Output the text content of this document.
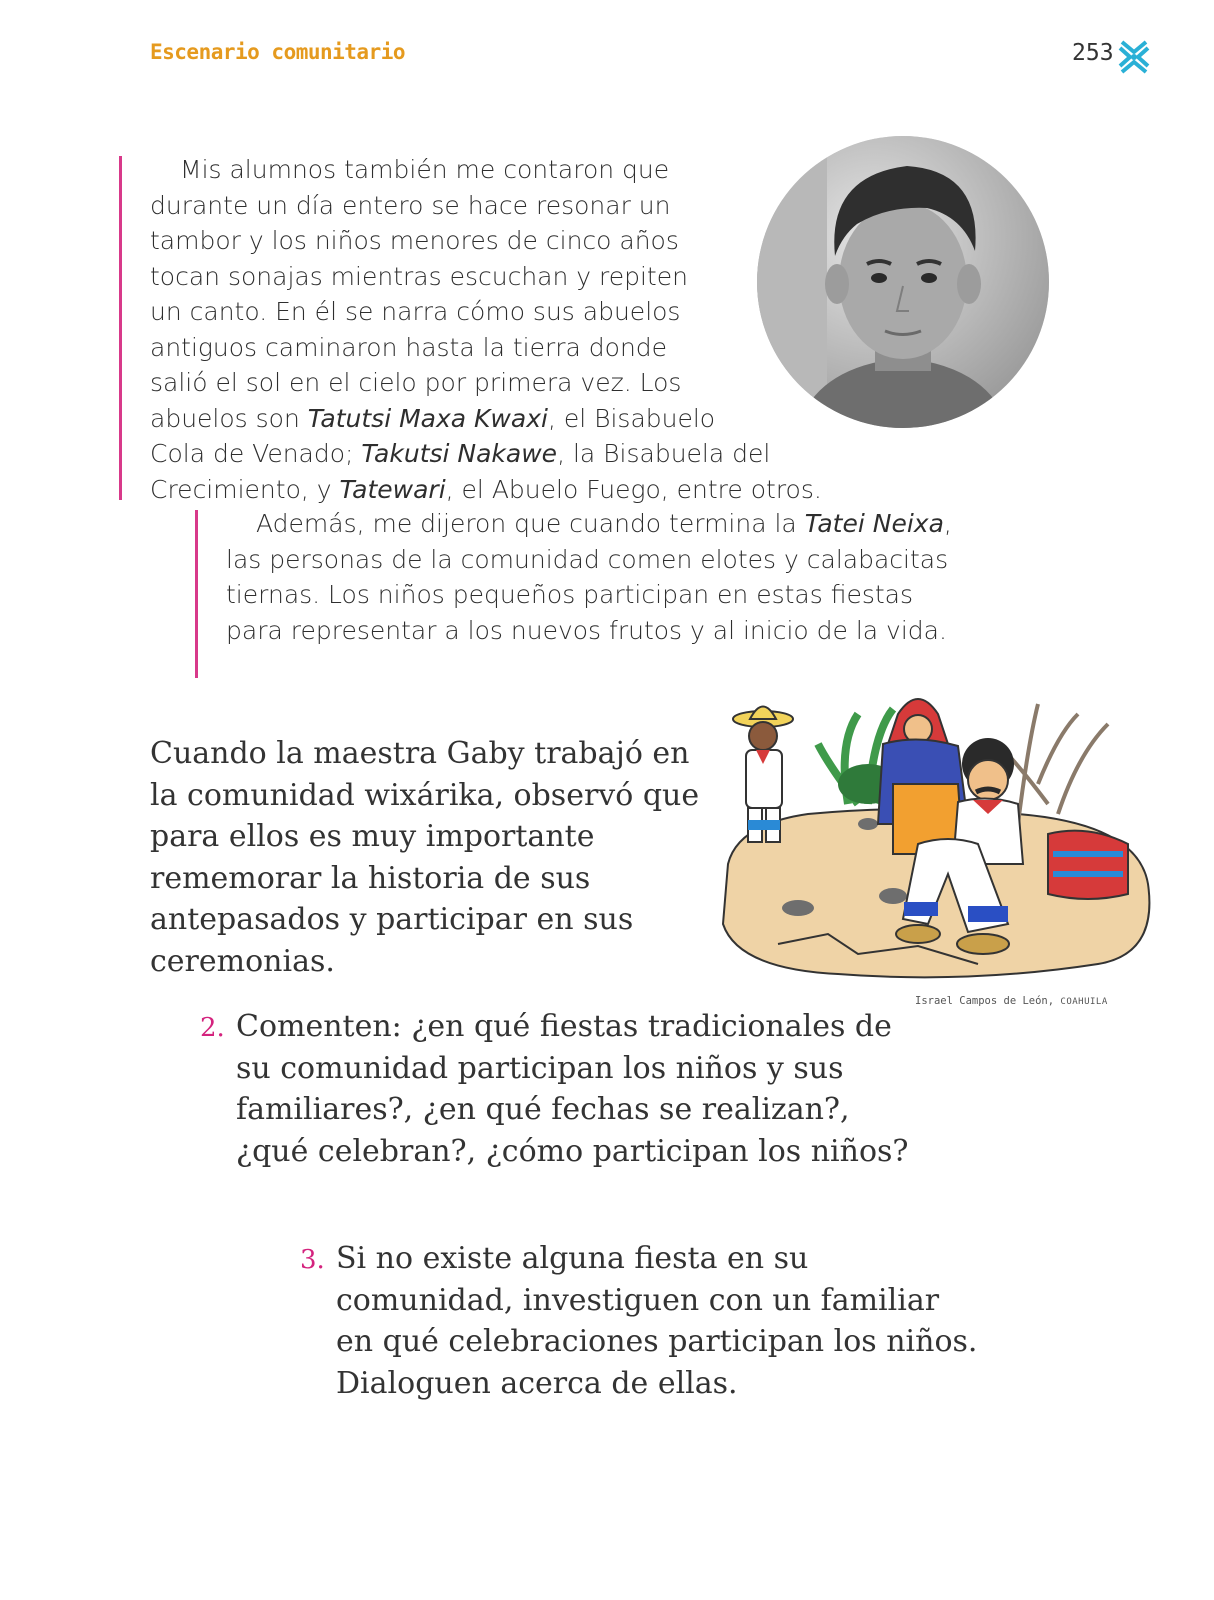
Escenario comunitario	253

Mis alumnos también me contaron que durante un día entero se hace resonar un tambor y los niños menores de cinco años tocan sonajas mientras escuchan y repiten un canto. En él se narra cómo sus abuelos antiguos caminaron hasta la tierra donde salió el sol en el cielo por primera vez. Los abuelos son Tatutsi Maxa Kwaxi, el Bisabuelo Cola de Venado; Takutsi Nakawe, la Bisabuela del Crecimiento, y Tatewari, el Abuelo Fuego, entre otros.

Además, me dijeron que cuando termina la Tatei Neixa, las personas de la comunidad comen elotes y calabacitas tiernas. Los niños pequeños participan en estas fiestas para representar a los nuevos frutos y al inicio de la vida.

Cuando la maestra Gaby trabajó en la comunidad wixárika, observó que para ellos es muy importante rememorar la historia de sus antepasados y participar en sus ceremonias.
Israel Campos de León, COAHUILA
2. Comenten: ¿en qué fiestas tradicionales de su comunidad participan los niños y sus familiares?, ¿en qué fechas se realizan?, ¿qué celebran?, ¿cómo participan los niños?
3. Si no existe alguna fiesta en su comunidad, investiguen con un familiar en qué celebraciones participan los niños. Dialoguen acerca de ellas.
